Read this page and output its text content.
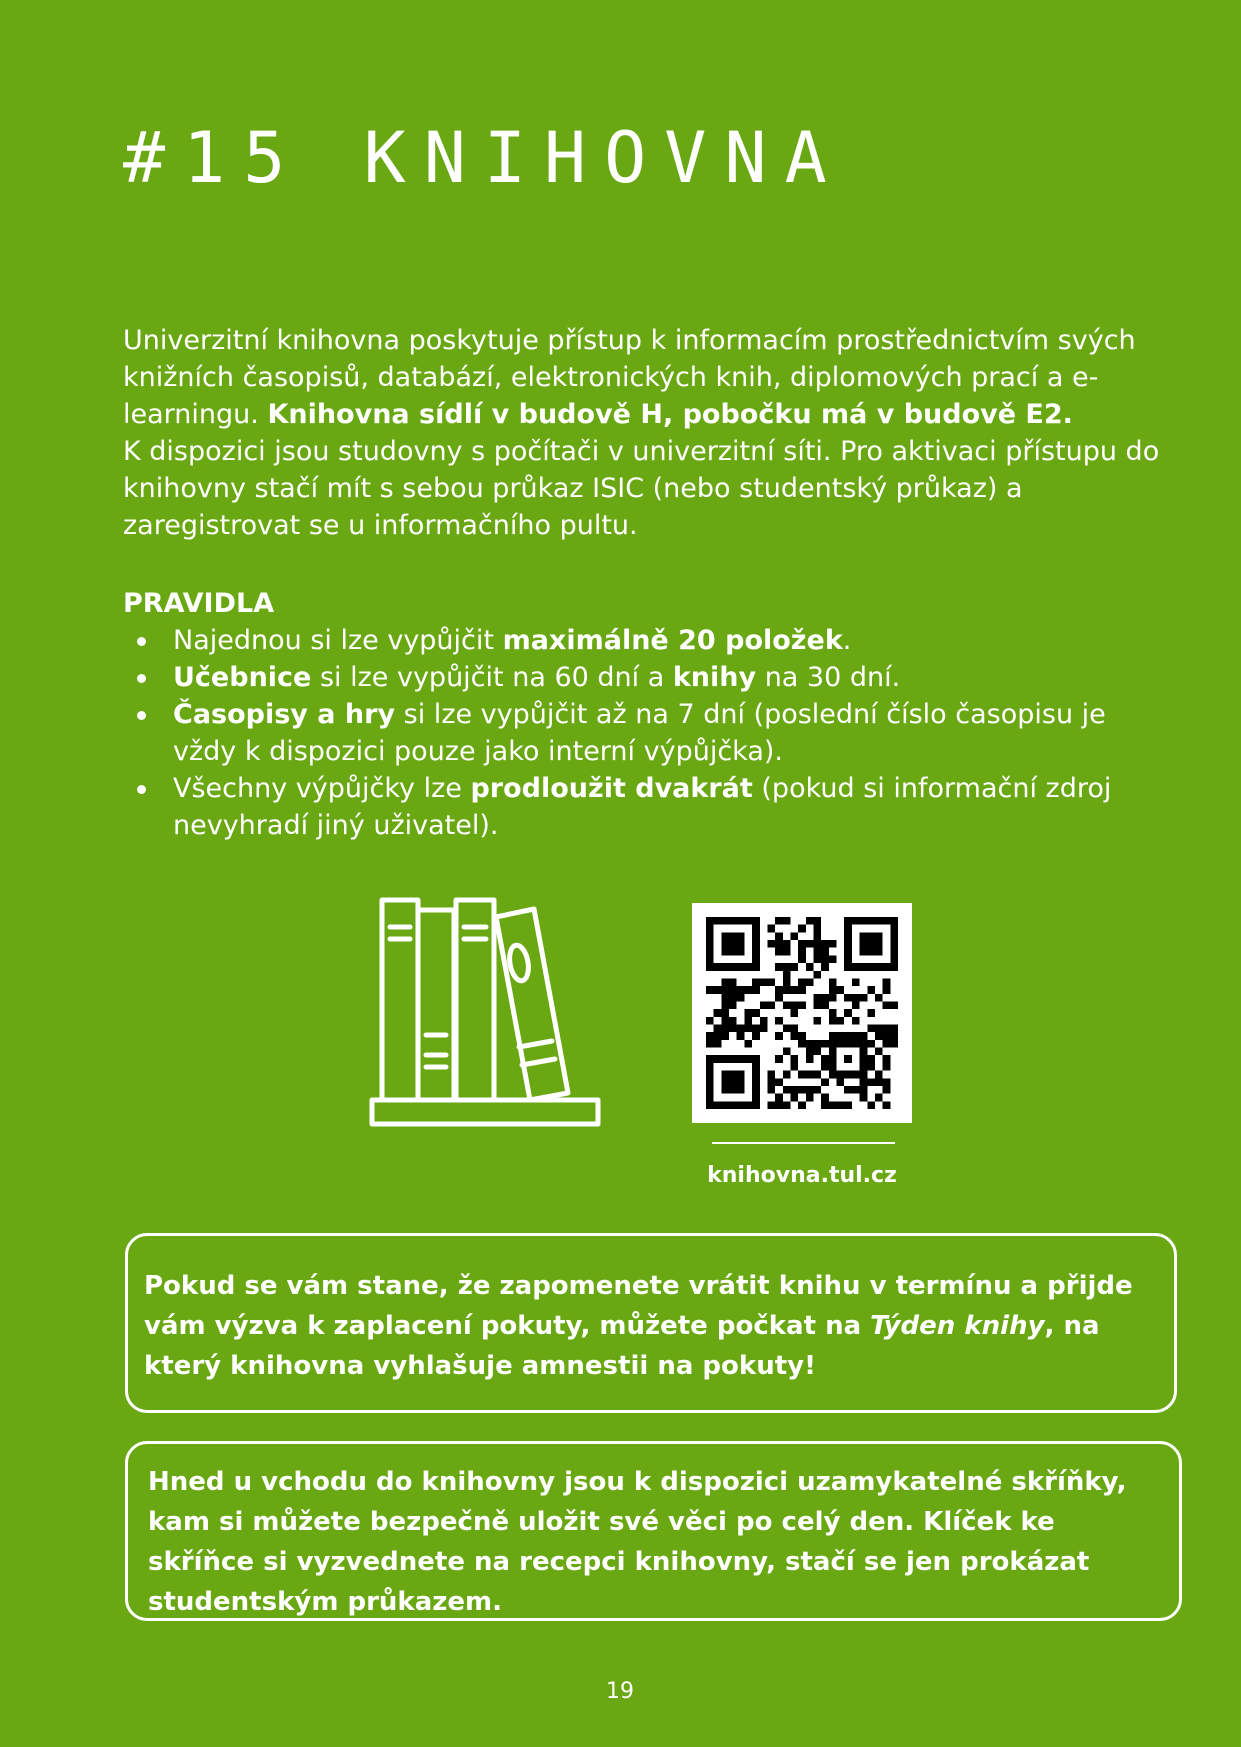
#15 KNIHOVNA

Univerzitní knihovna poskytuje přístup k informacím prostřednictvím svých knižních časopisů, databází, elektronických knih, diplomových prací a e-learningu. Knihovna sídlí v budově H, pobočku má v budově E2.
K dispozici jsou studovny s počítači v univerzitní síti. Pro aktivaci přístupu do knihovny stačí mít s sebou průkaz ISIC (nebo studentský průkaz) a zaregistrovat se u informačního pultu.

PRAVIDLA
Najednou si lze vypůjčit maximálně 20 položek.
Učebnice si lze vypůjčit na 60 dní a knihy na 30 dní.
Časopisy a hry si lze vypůjčit až na 7 dní (poslední číslo časopisu je vždy k dispozici pouze jako interní výpůjčka).
Všechny výpůjčky lze prodloužit dvakrát (pokud si informační zdroj nevyhradí jiný uživatel).

knihovna.tul.cz

Pokud se vám stane, že zapomenete vrátit knihu v termínu a přijde vám výzva k zaplacení pokuty, můžete počkat na Týden knihy, na který knihovna vyhlašuje amnestii na pokuty!
Hned u vchodu do knihovny jsou k dispozici uzamykatelné skříňky, kam si můžete bezpečně uložit své věci po celý den. Klíček ke skříňce si vyzvednete na recepci knihovny, stačí se jen prokázat studentským průkazem.

19
